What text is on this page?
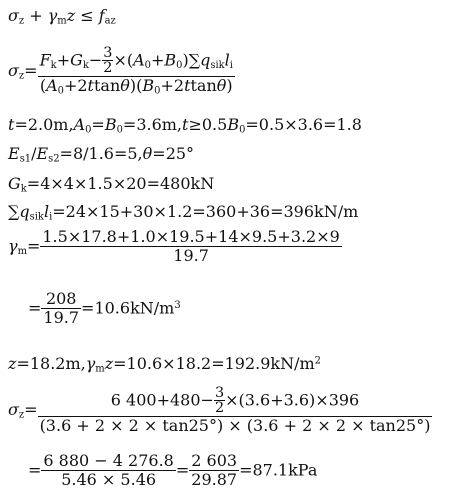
$\sigma_z + \gamma_mz \le f_{az}$
$\sigma_z= \frac{F_k+G_k- \frac{3}{2} \times(A_0+B_0)\sum q_{sik}l_i}{(A_0+2ttan\theta)(B_0+2ttan\theta)}$
$t=2.0m,A_0=B_0=3.6m,t\ge 0.5B_0=0.5\times 3.6=1.8$
$E_{s1}/E_{s2}=8/1.6=5,\theta=25^\circ$
$G_k=4\times 4\times 1.5\times 20=480kN$
$\sum q_{sik}l_i=24\times 15+30\times 1.2=360+36=396kN/m$
$\gamma_m= \frac{1.5\times 17.8+1.0\times 19.5+14\times 9.5+3.2\times 9}{19.7}$
= $\frac{208}{19.7} =10.6kN/m^3$
$z=18.2m,\gamma_mz=10.6\times 18.2=192.9kN/m^2$
$\sigma_z= \frac{6 400+480- \frac{3}{2} \times(3.6+3.6)\times 396}{(3.6 + 2 \times 2 \times \tan 25^\circ) \times (3.6 + 2 \times 2 \times \tan 25^\circ)}$
= $\frac{6 880 - 4 276.8}{5.46 \times 5.46} = \frac{2 603}{29.87} =87.1kPa$
